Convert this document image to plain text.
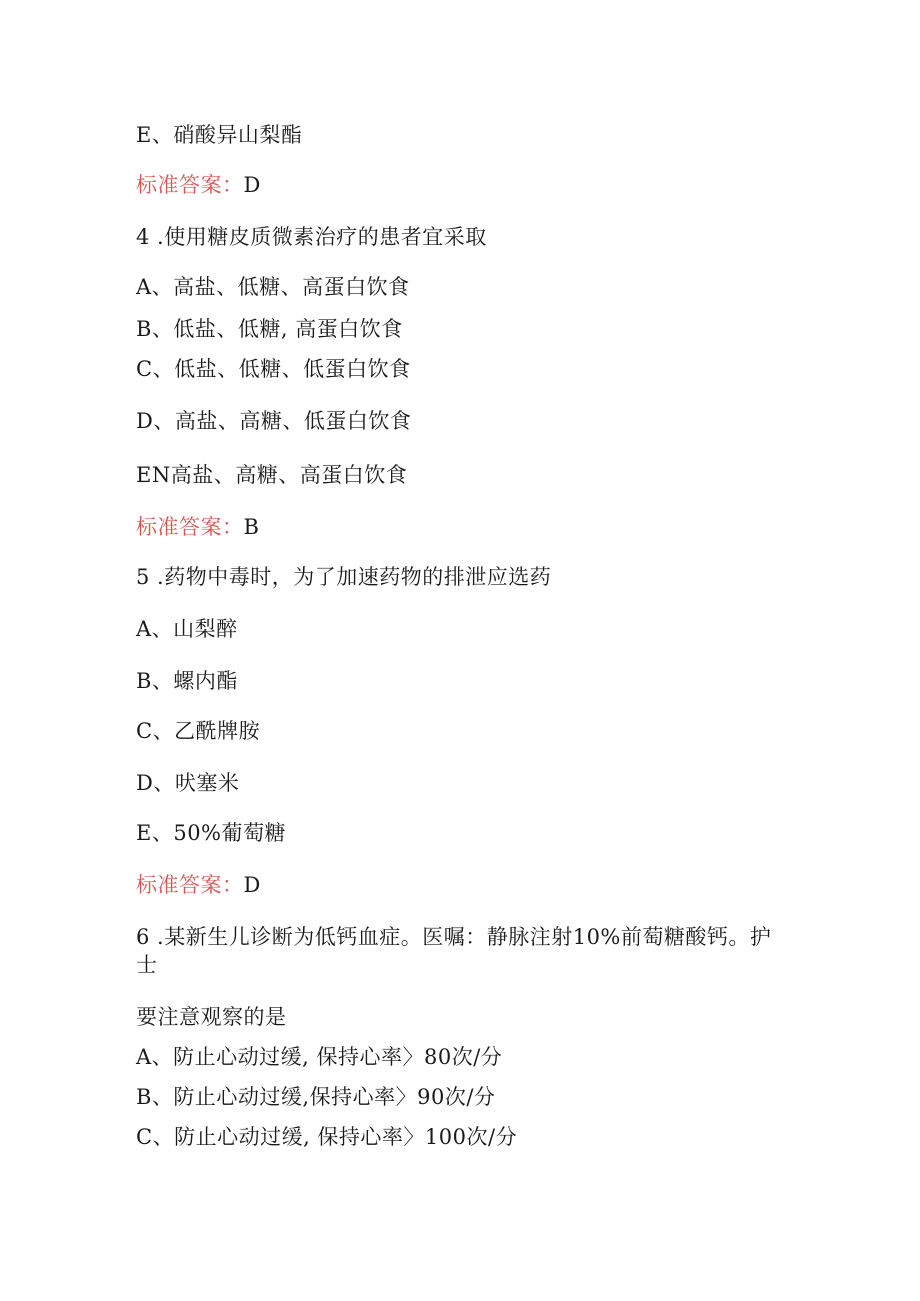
E、硝酸异山梨酯
标准答案：D
4 .使用糖皮质微素治疗的患者宜采取
A、高盐、低糖、高蛋白饮食
B、低盐、低糖, 高蛋白饮食
C、低盐、低糖、低蛋白饮食
D、高盐、高糖、低蛋白饮食
EN高盐、高糖、高蛋白饮食
标准答案：B
5 .药物中毒时，为了加速药物的排泄应选药
A、山梨醉
B、螺内酯
C、乙酰牌胺
D、吠塞米
E、50%葡萄糖
标准答案：D
6 .某新生儿诊断为低钙血症。医嘱：静脉注射10%前萄糖酸钙。护
士
要注意观察的是
A、防止心动过缓, 保持心率〉80次/分
B、防止心动过缓,保持心率〉90次/分
C、防止心动过缓, 保持心率〉100次/分
